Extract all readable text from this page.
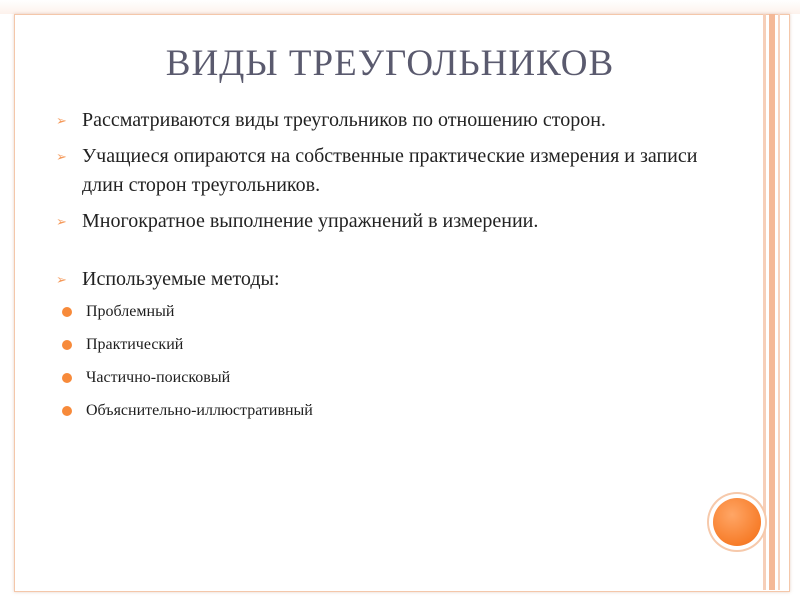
ВИДЫ ТРЕУГОЛЬНИКОВ
➢ Рассматриваются виды треугольников по отношению сторон.
➢ Учащиеся опираются на собственные практические измерения и записи длин сторон треугольников.
➢ Многократное выполнение упражнений в измерении.
➢ Используемые методы:
Проблемный
Практический
Частично-поисковый
Объяснительно-иллюстративный
